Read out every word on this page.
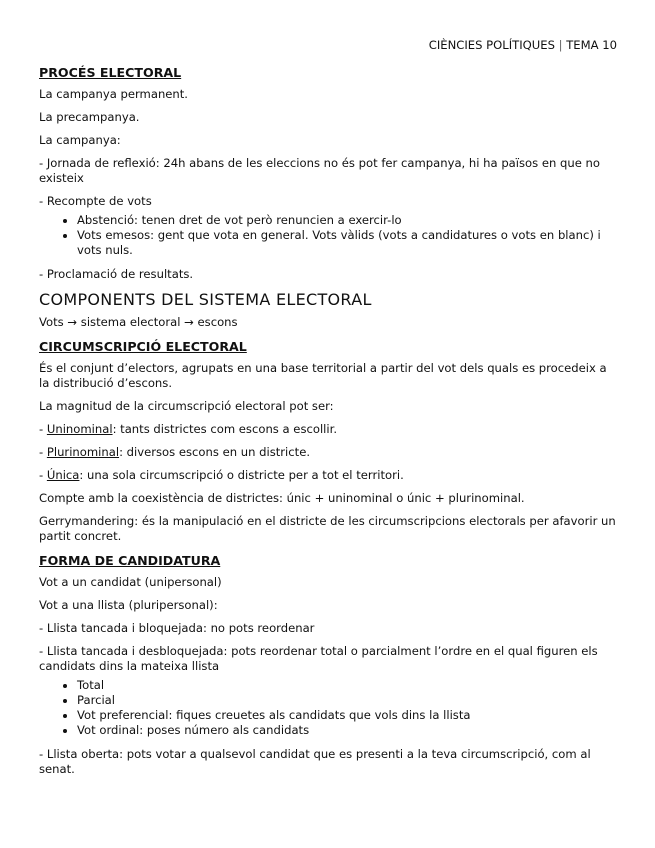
CIÈNCIES POLÍTIQUES | TEMA 10
PROCÉS ELECTORAL

La campanya permanent.

La precampanya.

La campanya:

- Jornada de reflexió: 24h abans de les eleccions no és pot fer campanya, hi ha països en que no existeix

- Recompte de vots

• Abstenció: tenen dret de vot però renuncien a exercir-lo
• Vots emesos: gent que vota en general. Vots vàlids (vots a candidatures o vots en blanc) i vots nuls.

- Proclamació de resultats.

COMPONENTS DEL SISTEMA ELECTORAL

Vots → sistema electoral → escons

CIRCUMSCRIPCIÓ ELECTORAL

És el conjunt d’electors, agrupats en una base territorial a partir del vot dels quals es procedeix a la distribució d’escons.

La magnitud de la circumscripció electoral pot ser:

- Uninominal: tants districtes com escons a escollir.

- Plurinominal: diversos escons en un districte.

- Única: una sola circumscripció o districte per a tot el territori.

Compte amb la coexistència de districtes: únic + uninominal o únic + plurinominal.

Gerrymandering: és la manipulació en el districte de les circumscripcions electorals per afavorir un partit concret.

FORMA DE CANDIDATURA

Vot a un candidat (unipersonal)

Vot a una llista (pluripersonal):

- Llista tancada i bloquejada: no pots reordenar

- Llista tancada i desbloquejada: pots reordenar total o parcialment l’ordre en el qual figuren els candidats dins la mateixa llista

• Total
• Parcial
• Vot preferencial: fiques creuetes als candidats que vols dins la llista
• Vot ordinal: poses número als candidats

- Llista oberta: pots votar a qualsevol candidat que es presenti a la teva circumscripció, com al senat.
